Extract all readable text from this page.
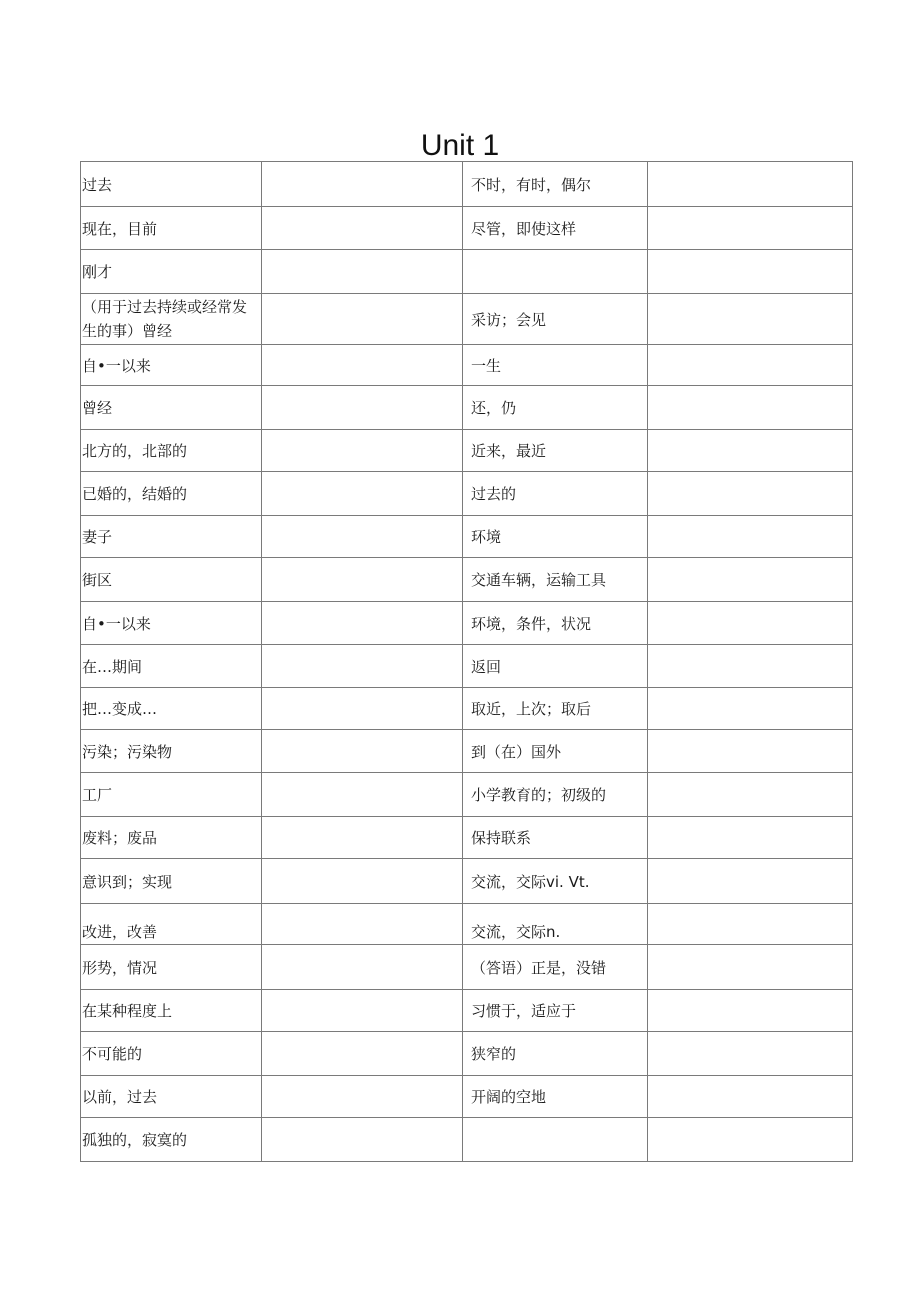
Unit 1
过去		不时，有时，偶尔	
现在，目前		尽管，即使这样	
刚才			
（用于过去持续或经常发生的事）曾经		采访；会见	
自•一以来		一生	
曾经		还，仍	
北方的，北部的		近来，最近	
已婚的，结婚的		过去的	
妻子		环境	
街区		交通车辆，运输工具	
自•一以来		环境，条件，状况	
在…期间		返回	
把…变成…		取近，上次；取后	
污染；污染物		到（在）国外	
工厂		小学教育的；初级的	
废料；废品		保持联系	
意识到；实现		交流，交际vi. Vt.	
改进，改善		交流，交际n.	
形势，情况		（答语）正是，没错	
在某种程度上		习惯于，适应于	
不可能的		狭窄的	
以前，过去		开阔的空地	
孤独的，寂寞的			
